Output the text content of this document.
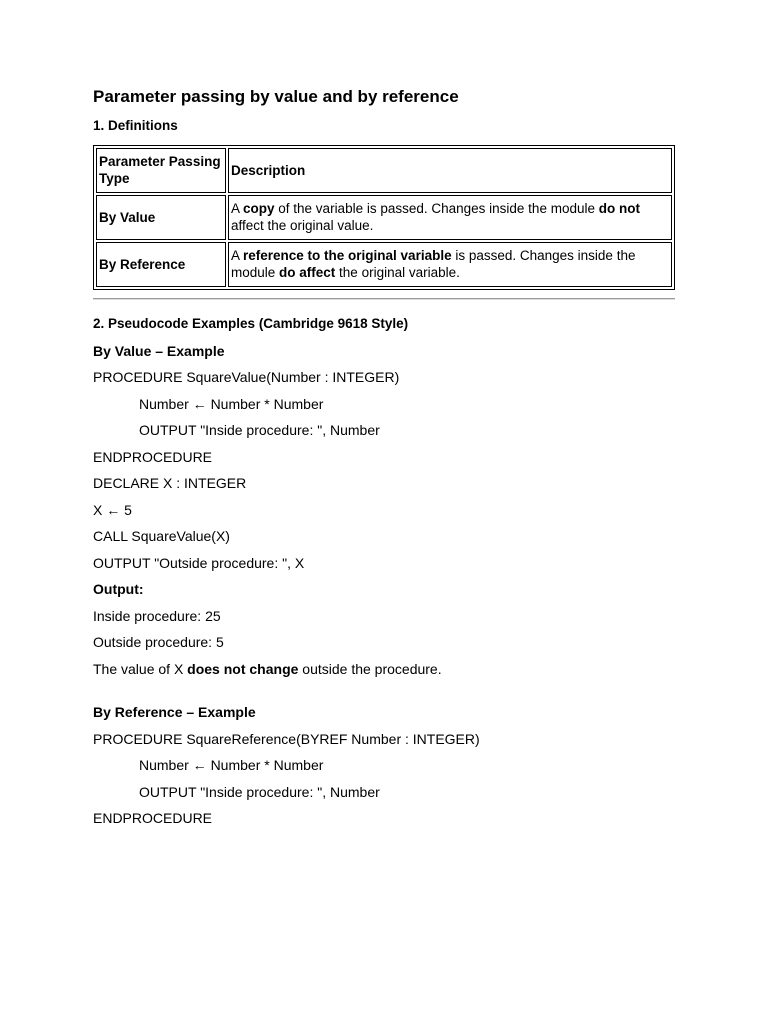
Parameter passing by value and by reference
1. Definitions
Parameter Passing Type	Description
By Value	A copy of the variable is passed. Changes inside the module do not affect the original value.
By Reference	A reference to the original variable is passed. Changes inside the module do affect the original variable.
2. Pseudocode Examples (Cambridge 9618 Style)
By Value – Example
PROCEDURE SquareValue(Number : INTEGER)
Number ← Number * Number
OUTPUT "Inside procedure: ", Number
ENDPROCEDURE
DECLARE X : INTEGER
X ← 5
CALL SquareValue(X)
OUTPUT "Outside procedure: ", X
Output:
Inside procedure: 25
Outside procedure: 5
The value of X does not change outside the procedure.
By Reference – Example
PROCEDURE SquareReference(BYREF Number : INTEGER)
Number ← Number * Number
OUTPUT "Inside procedure: ", Number
ENDPROCEDURE
